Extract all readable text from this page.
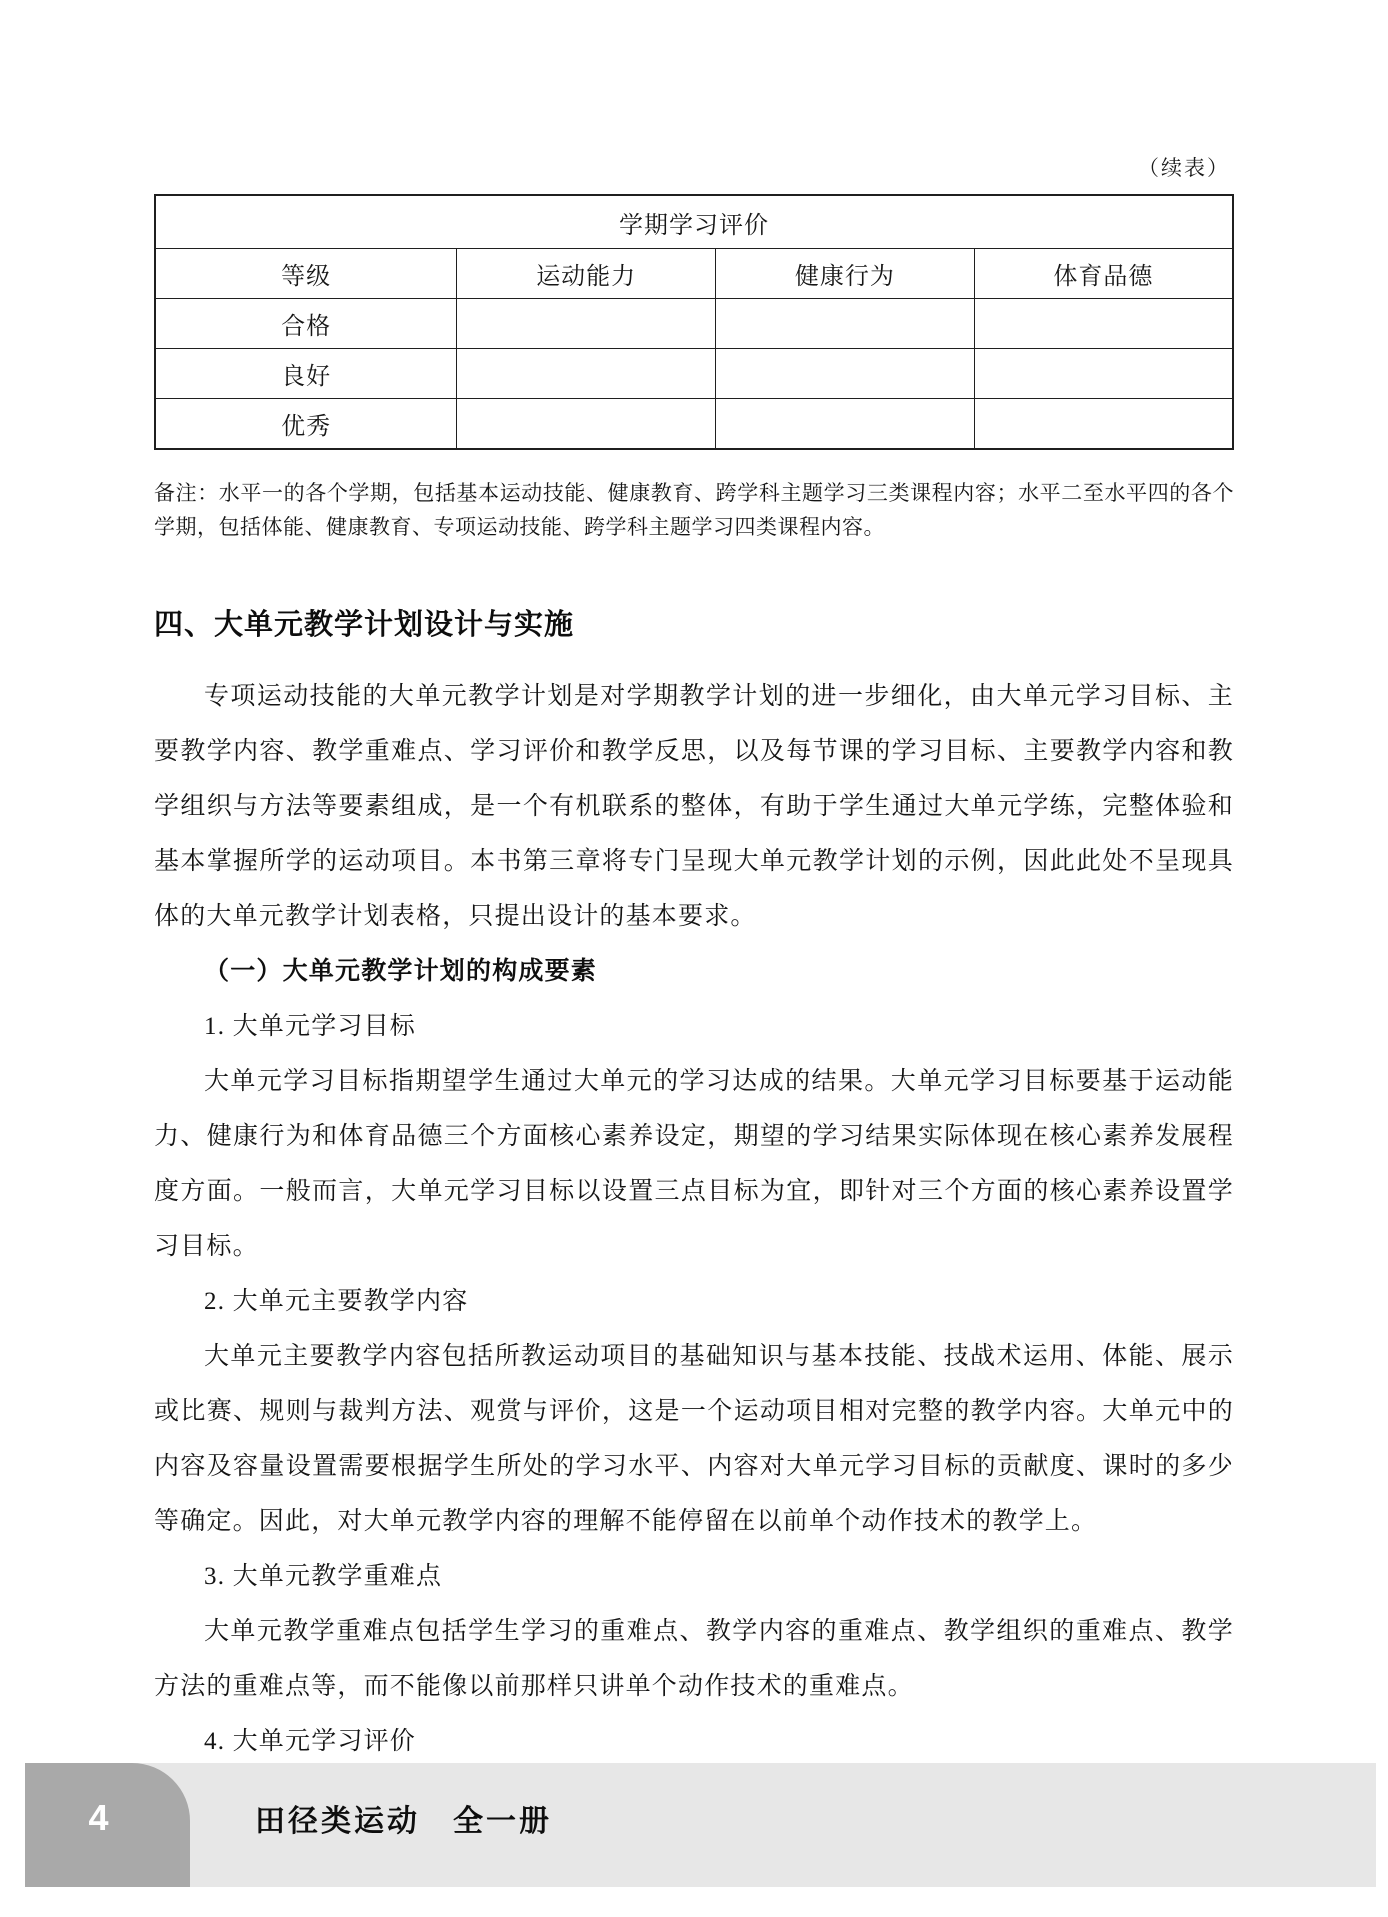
（续表）
学期学习评价			
等级	运动能力	健康行为	体育品德
合格			
良好			
优秀			

备注：水平一的各个学期，包括基本运动技能、健康教育、跨学科主题学习三类课程内容；水平二至水平四的各个学期，包括体能、健康教育、专项运动技能、跨学科主题学习四类课程内容。

四、大单元教学计划设计与实施

专项运动技能的大单元教学计划是对学期教学计划的进一步细化，由大单元学习目标、主要教学内容、教学重难点、学习评价和教学反思，以及每节课的学习目标、主要教学内容和教学组织与方法等要素组成，是一个有机联系的整体，有助于学生通过大单元学练，完整体验和基本掌握所学的运动项目。本书第三章将专门呈现大单元教学计划的示例，因此此处不呈现具体的大单元教学计划表格，只提出设计的基本要求。

（一）大单元教学计划的构成要素

1. 大单元学习目标

大单元学习目标指期望学生通过大单元的学习达成的结果。大单元学习目标要基于运动能力、健康行为和体育品德三个方面核心素养设定，期望的学习结果实际体现在核心素养发展程度方面。一般而言，大单元学习目标以设置三点目标为宜，即针对三个方面的核心素养设置学习目标。

2. 大单元主要教学内容

大单元主要教学内容包括所教运动项目的基础知识与基本技能、技战术运用、体能、展示或比赛、规则与裁判方法、观赏与评价，这是一个运动项目相对完整的教学内容。大单元中的内容及容量设置需要根据学生所处的学习水平、内容对大单元学习目标的贡献度、课时的多少等确定。因此，对大单元教学内容的理解不能停留在以前单个动作技术的教学上。

3. 大单元教学重难点

大单元教学重难点包括学生学习的重难点、教学内容的重难点、教学组织的重难点、教学方法的重难点等，而不能像以前那样只讲单个动作技术的重难点。

4. 大单元学习评价

4	田径类运动　全一册
